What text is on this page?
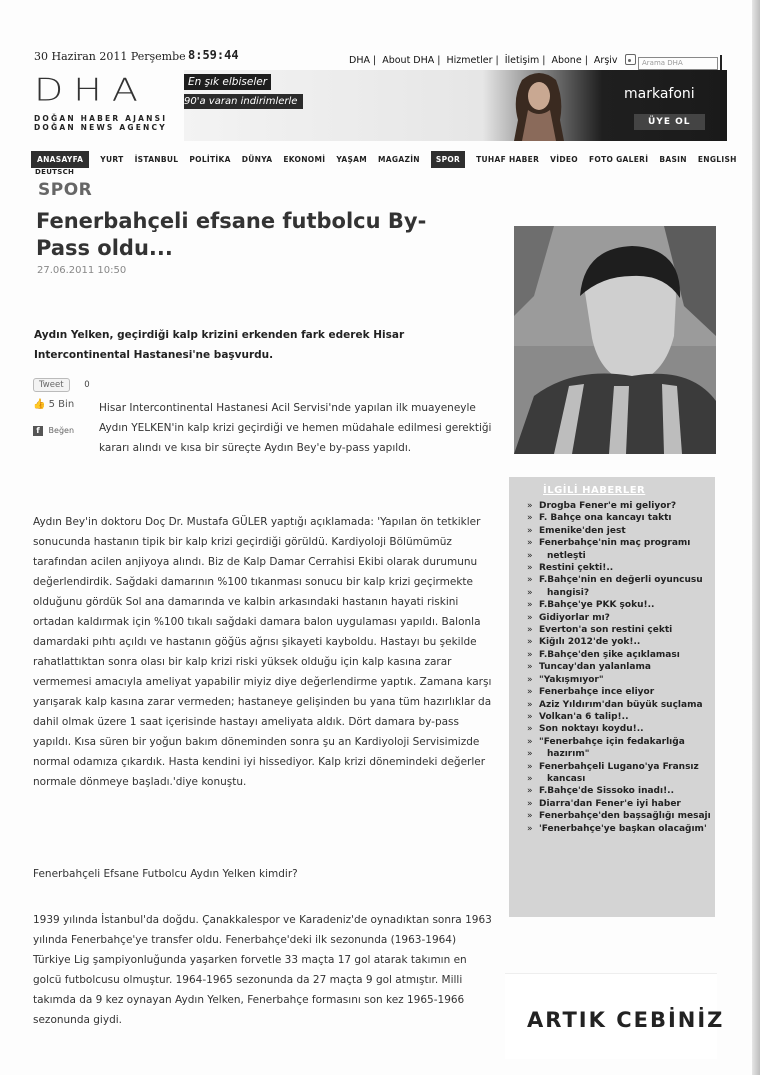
30 Haziran 2011 Perşembe 8:59:44	DHA | About DHA | Hizmetler | İletişim | Abone | Arşiv	Arama DHA
DHA
DOĞAN HABER AJANSI
DOĞAN NEWS AGENCY
En şık elbiseler
90'a varan indirimlerle	markafoni
ÜYE OL
ANASAYFA	YURT İSTANBUL POLİTİKA DÜNYA EKONOMİ YAŞAM MAGAZİN	SPOR	TUHAF HABER VİDEO FOTO GALERİ BASIN ENGLISH
DEUTSCH
SPOR
Fenerbahçeli efsane futbolcu By-Pass oldu...
27.06.2011 10:50

Aydın Yelken, geçirdiği kalp krizini erkenden fark ederek Hisar Intercontinental Hastanesi'ne başvurdu.

Tweet 0
👍 5 Bin
f Beğen

Hisar Intercontinental Hastanesi Acil Servisi'nde yapılan ilk muayeneyle Aydın YELKEN'in kalp krizi geçirdiği ve hemen müdahale edilmesi gerektiği kararı alındı ve kısa bir süreçte Aydın Bey'e by-pass yapıldı.

Aydın Bey'in doktoru Doç Dr. Mustafa GÜLER yaptığı açıklamada: 'Yapılan ön tetkikler sonucunda hastanın tipik bir kalp krizi geçirdiği görüldü. Kardiyoloji Bölümümüz tarafından acilen anjiyoya alındı. Biz de Kalp Damar Cerrahisi Ekibi olarak durumunu değerlendirdik. Sağdaki damarının %100 tıkanması sonucu bir kalp krizi geçirmekte olduğunu gördük Sol ana damarında ve kalbin arkasındaki hastanın hayati riskini ortadan kaldırmak için %100 tıkalı sağdaki damara balon uygulaması yapıldı. Balonla damardaki pıhtı açıldı ve hastanın göğüs ağrısı şikayeti kayboldu. Hastayı bu şekilde rahatlattıktan sonra olası bir kalp krizi riski yüksek olduğu için kalp kasına zarar vermemesi amacıyla ameliyat yapabilir miyiz diye değerlendirme yaptık. Zamana karşı yarışarak kalp kasına zarar vermeden; hastaneye gelişinden bu yana tüm hazırlıklar da dahil olmak üzere 1 saat içerisinde hastayı ameliyata aldık. Dört damara by-pass yapıldı. Kısa süren bir yoğun bakım döneminden sonra şu an Kardiyoloji Servisimizde normal odamıza çıkardık. Hasta kendini iyi hissediyor. Kalp krizi dönemindeki değerler normale dönmeye başladı.'diye konuştu.

Fenerbahçeli Efsane Futbolcu Aydın Yelken kimdir?

1939 yılında İstanbul'da doğdu. Çanakkalespor ve Karadeniz'de oynadıktan sonra 1963 yılında Fenerbahçe'ye transfer oldu. Fenerbahçe'deki ilk sezonunda (1963-1964) Türkiye Lig şampiyonluğunda yaşarken forvetle 33 maçta 17 gol atarak takımın en golcü futbolcusu olmuştur. 1964-1965 sezonunda da 27 maçta 9 gol atmıştır. Milli takımda da 9 kez oynayan Aydın Yelken, Fenerbahçe formasını son kez 1965-1966 sezonunda giydi.

İLGİLİ HABERLER
» Drogba Fener'e mi geliyor?
» F. Bahçe ona kancayı taktı
» Emenike'den jest
» Fenerbahçe'nin maç programı
» netleşti
» Restini çekti!..
» F.Bahçe'nin en değerli oyuncusu
» hangisi?
» F.Bahçe'ye PKK şoku!..
» Gidiyorlar mı?
» Everton'a son restini çekti
» Kiğılı 2012'de yok!..
» F.Bahçe'den şike açıklaması
» Tuncay'dan yalanlama
» "Yakışmıyor"
» Fenerbahçe ince eliyor
» Aziz Yıldırım'dan büyük suçlama
» Volkan'a 6 talip!..
» Son noktayı koydu!..
» "Fenerbahçe için fedakarlığa
» hazırım"
» Fenerbahçeli Lugano'ya Fransız
» kancası
» F.Bahçe'de Sissoko inadı!..
» Diarra'dan Fener'e iyi haber
» Fenerbahçe'den başsağlığı mesajı
» 'Fenerbahçe'ye başkan olacağım'
ARTIK CEBİNİZ
